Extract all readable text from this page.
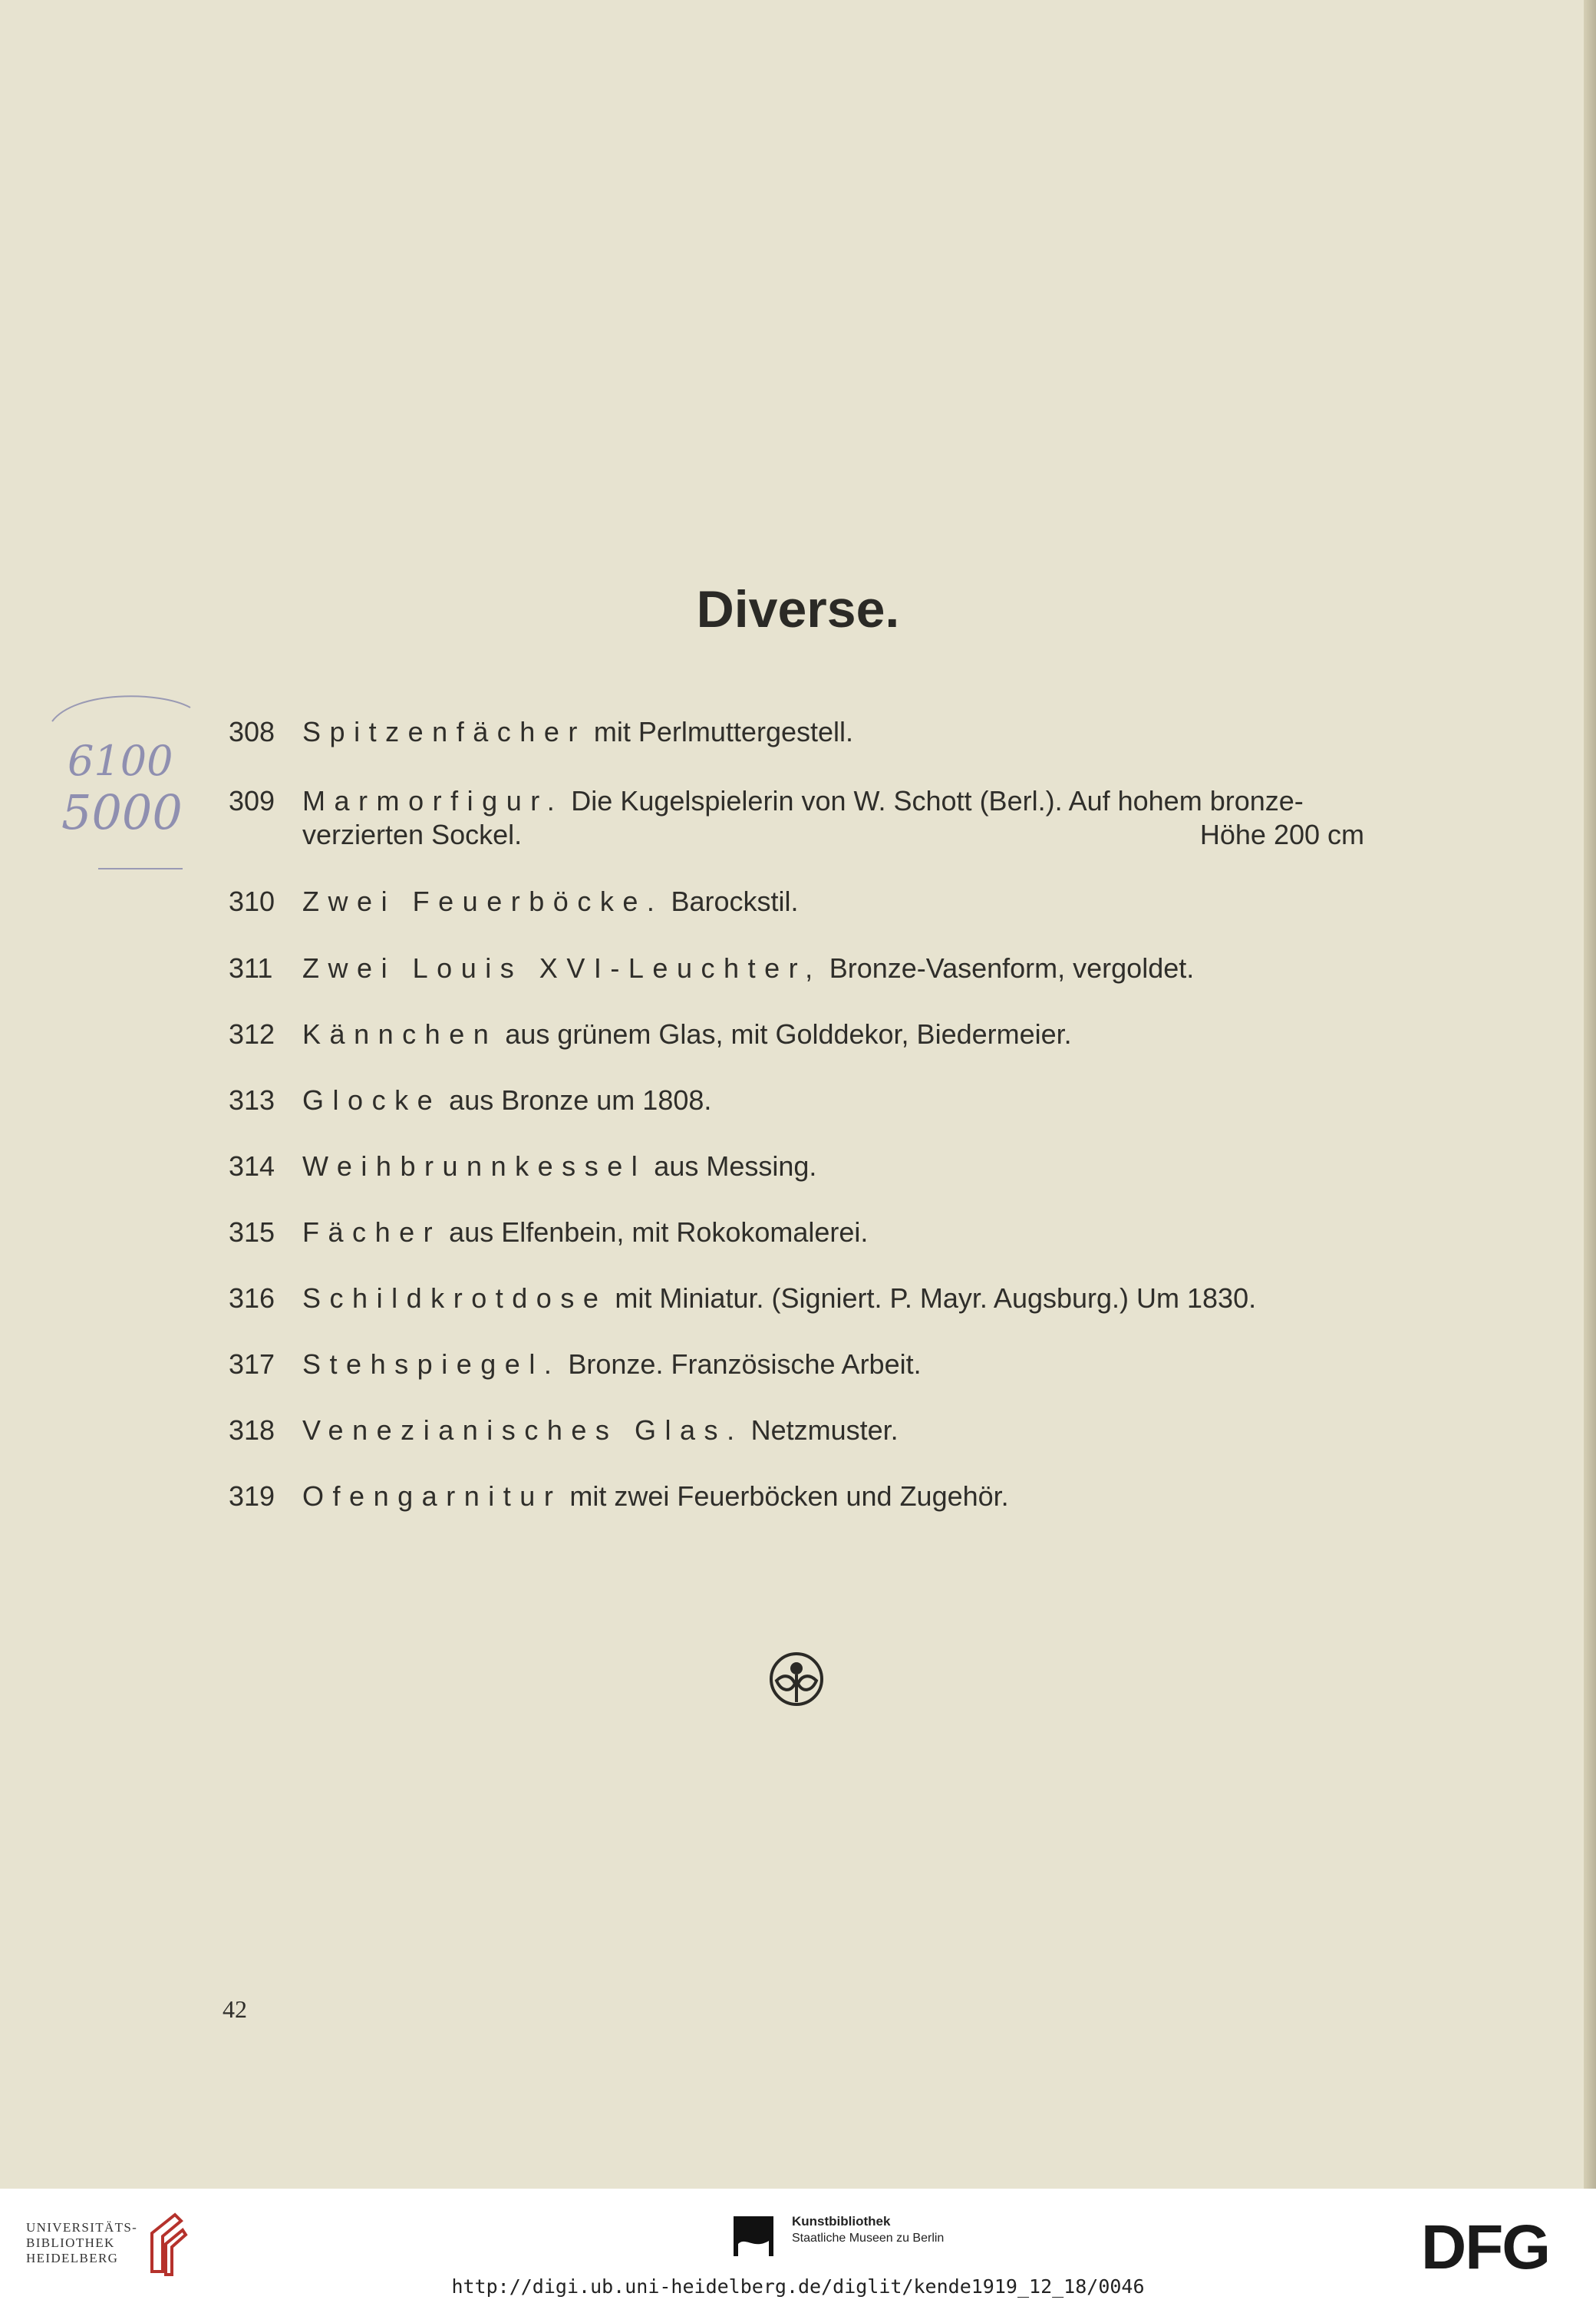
Diverse.
6100
5000
308 Spitzenfächer mit Perlmuttergestell.
309 Marmorfigur. Die Kugelspielerin von W. Schott (Berl.). Auf hohem bronze-
verzierten Sockel.	Höhe 200 cm
310 Zwei Feuerböcke. Barockstil.
311	Zwei Louis XVI-Leuchter, Bronze-Vasenform, vergoldet.
312 Kännchen aus grünem Glas, mit Golddekor, Biedermeier.
313 Glocke aus Bronze um 1808.
314 Weihbrunnkessel aus Messing.
315 Fächer aus Elfenbein, mit Rokokomalerei.
316 Schildkrotdose mit Miniatur. (Signiert. P. Mayr. Augsburg.) Um 1830.
317 Stehspiegel. Bronze. Französische Arbeit.
318 Venezianisches Glas. Netzmuster.
319 Ofengarnitur mit zwei Feuerböcken und Zugehör.
42
UNIVERSITÄTS-
BIBLIOTHEK
HEIDELBERG
Kunstbibliothek
Staatliche Museen zu Berlin	DFG
http://digi.ub.uni-heidelberg.de/diglit/kende1919_12_18/0046
